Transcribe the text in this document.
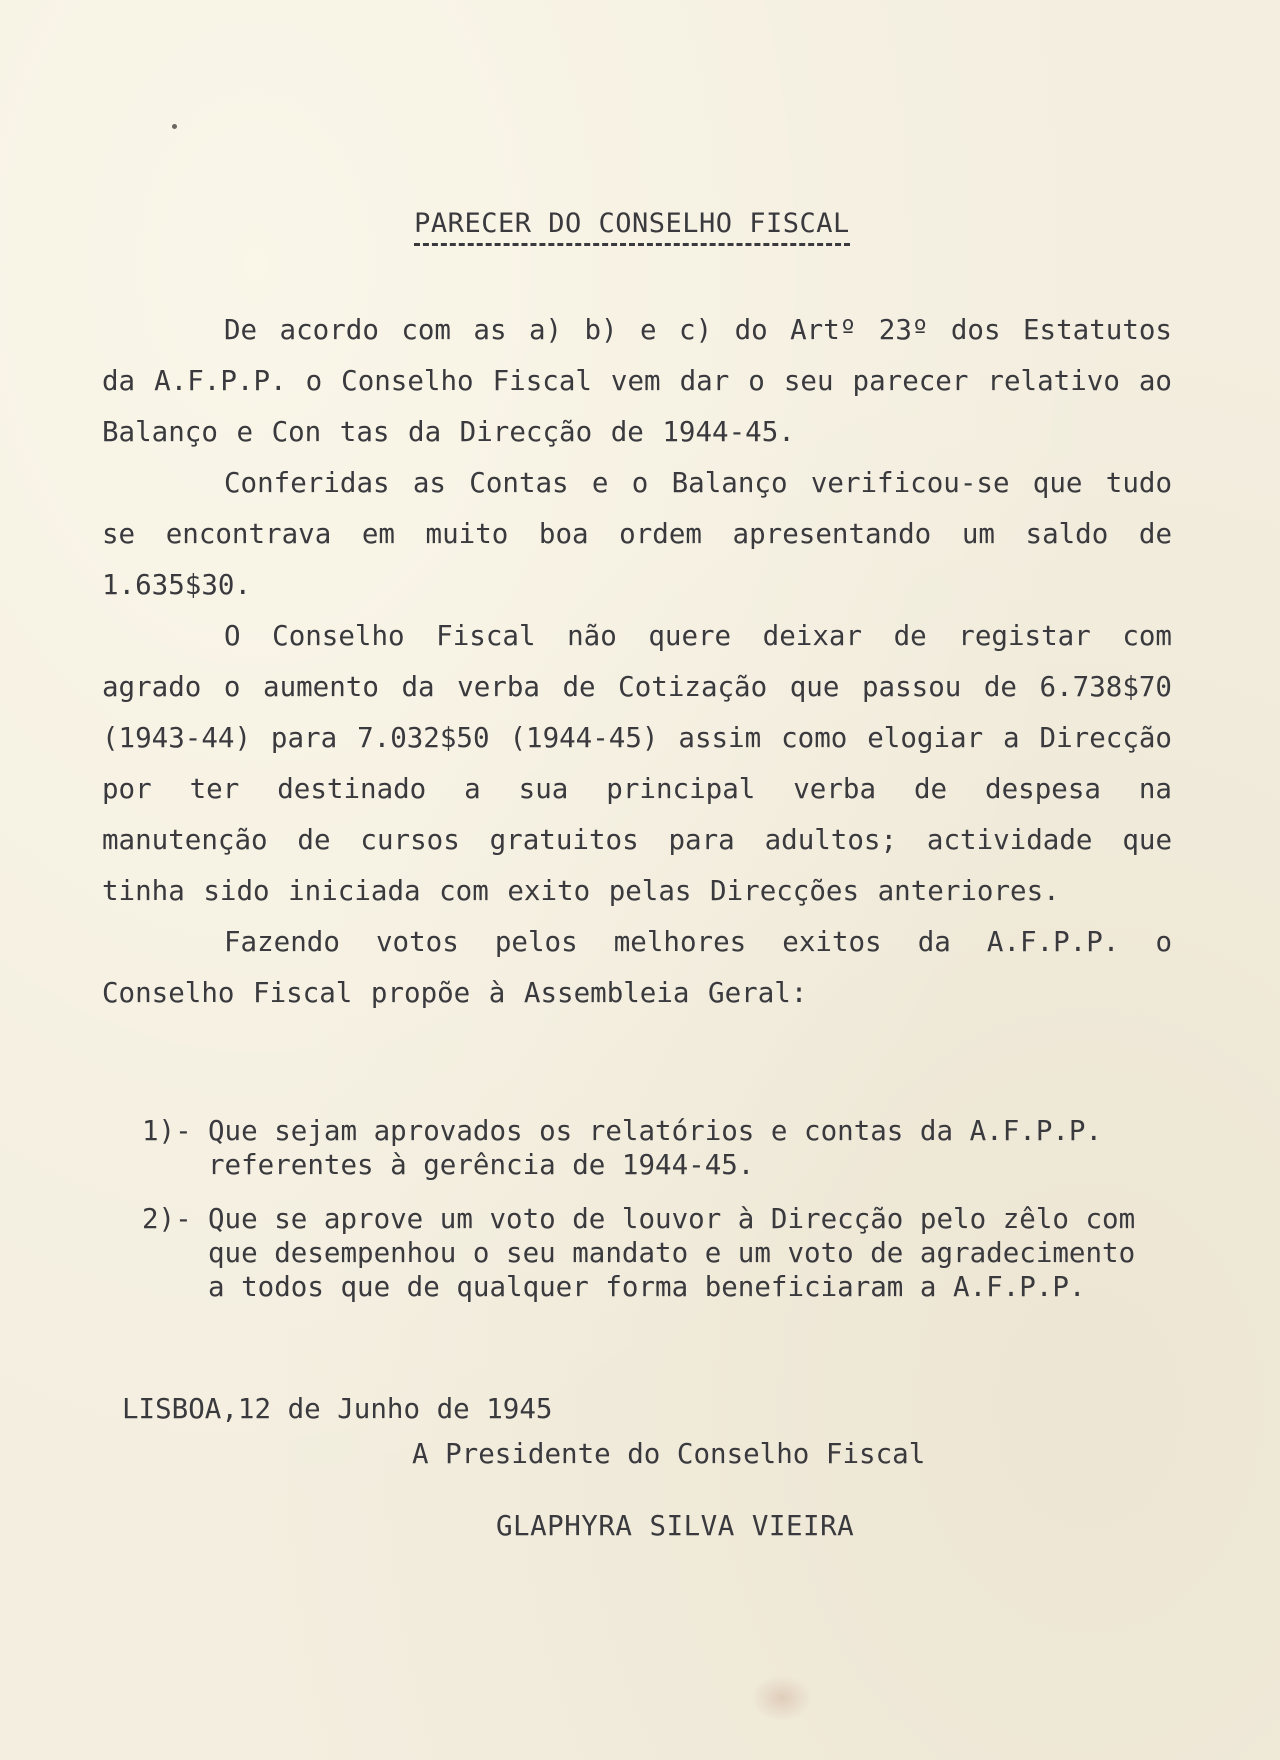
PARECER DO CONSELHO FISCAL

De acordo com as a) b) e c) do Artº 23º dos Estatutos da A.F.P.P. o Conselho Fiscal vem dar o seu parecer relativo ao Balanço e Con tas da Direcção de 1944-45.

Conferidas as Contas e o Balanço verificou-se que tudo se encontrava em muito boa ordem apresentando um saldo de 1.635$30.

O Conselho Fiscal não quere deixar de registar com agrado o aumento da verba de Cotização que passou de 6.738$70 (1943-44) para 7.032$50 (1944-45) assim como elogiar a Direcção por ter destinado a sua principal verba de despesa na manutenção de cursos gratuitos para adultos; actividade que tinha sido iniciada com exito pelas Direcções anteriores.

Fazendo votos pelos melhores exitos da A.F.P.P. o Conselho Fiscal propõe à Assembleia Geral:

1)- Que sejam aprovados os relatórios e contas da A.F.P.P. referentes à gerência de 1944-45.
2)- Que se aprove um voto de louvor à Direcção pelo zêlo com que desempenhou o seu mandato e um voto de agradecimento a todos que de qualquer forma beneficiaram a A.F.P.P.
LISBOA,12 de Junho de 1945
A Presidente do Conselho Fiscal
GLAPHYRA SILVA VIEIRA
